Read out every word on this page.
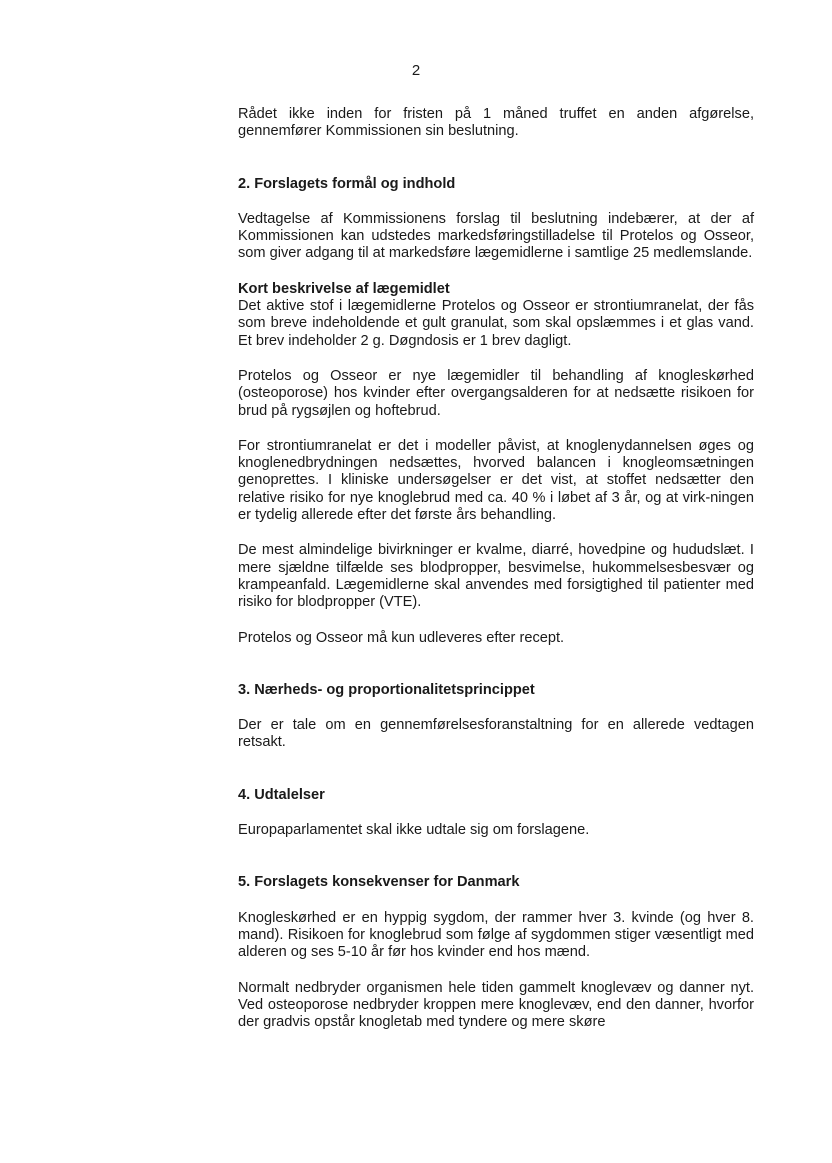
2

Rådet ikke inden for fristen på 1 måned truffet en anden afgørelse, gennemfører Kommissionen sin beslutning.

2. Forslagets formål og indhold

Vedtagelse af Kommissionens forslag til beslutning indebærer, at der af Kommissionen kan udstedes markedsføringstilladelse til Protelos og Osseor, som giver adgang til at markedsføre lægemidlerne i samtlige 25 medlemslande.

Kort beskrivelse af lægemidlet

Det aktive stof i lægemidlerne Protelos og Osseor er strontiumranelat, der fås som breve indeholdende et gult granulat, som skal opslæmmes i et glas vand. Et brev indeholder 2 g. Døgndosis er 1 brev dagligt.

Protelos og Osseor er nye lægemidler til behandling af knogleskørhed (osteoporose) hos kvinder efter overgangsalderen for at nedsætte risikoen for brud på rygsøjlen og hoftebrud.

For strontiumranelat er det i modeller påvist, at knoglenydannelsen øges og knoglenedbrydningen nedsættes, hvorved balancen i knogleomsætningen genoprettes. I kliniske undersøgelser er det vist, at stoffet nedsætter den relative risiko for nye knoglebrud med ca. 40 % i løbet af 3 år, og at virk-ningen er tydelig allerede efter det første års behandling.

De mest almindelige bivirkninger er kvalme, diarré, hovedpine og hududslæt. I mere sjældne tilfælde ses blodpropper, besvimelse, hukommelsesbesvær og krampeanfald. Lægemidlerne skal anvendes med forsigtighed til patienter med risiko for blodpropper (VTE).

Protelos og Osseor må kun udleveres efter recept.

3. Nærheds- og proportionalitetsprincippet

Der er tale om en gennemførelsesforanstaltning for en allerede vedtagen retsakt.

4. Udtalelser

Europaparlamentet skal ikke udtale sig om forslagene.

5. Forslagets konsekvenser for Danmark

Knogleskørhed er en hyppig sygdom, der rammer hver 3. kvinde (og hver 8. mand). Risikoen for knoglebrud som følge af sygdommen stiger væsentligt med alderen og ses 5-10 år før hos kvinder end hos mænd.

Normalt nedbryder organismen hele tiden gammelt knoglevæv og danner nyt. Ved osteoporose nedbryder kroppen mere knoglevæv, end den danner, hvorfor der gradvis opstår knogletab med tyndere og mere skøre
